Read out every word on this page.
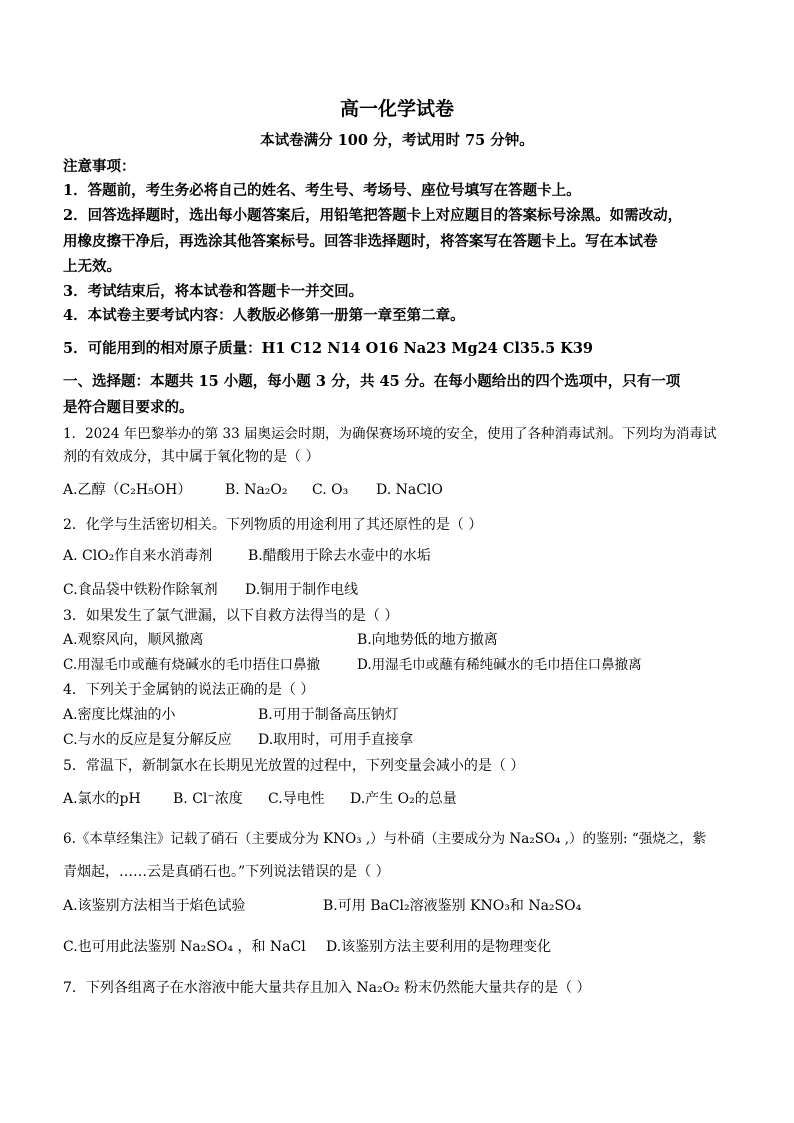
高一化学试卷
本试卷满分 100 分，考试用时 75 分钟。
注意事项：
1．答题前，考生务必将自己的姓名、考生号、考场号、座位号填写在答题卡上。
2．回答选择题时，选出每小题答案后，用铅笔把答题卡上对应题目的答案标号涂黑。如需改动，
用橡皮擦干净后，再选涂其他答案标号。回答非选择题时，将答案写在答题卡上。写在本试卷
上无效。
3．考试结束后，将本试卷和答题卡一并交回。
4．本试卷主要考试内容：人教版必修第一册第一章至第二章。
5．可能用到的相对原子质量：H1 C12 N14 O16 Na23 Mg24 Cl35.5 K39
一、选择题：本题共 15 小题，每小题 3 分，共 45 分。在每小题给出的四个选项中，只有一项
是符合题目要求的。
1．2024 年巴黎举办的第 33 届奥运会时期，为确保赛场环境的安全，使用了各种消毒试剂。下列均为消毒试
剂的有效成分，其中属于氧化物的是（ ）
A.乙醇（C₂H₅OH） B. Na₂O₂ C. O₃ D. NaClO
2．化学与生活密切相关。下列物质的用途利用了其还原性的是（ ）
A. ClO₂作自来水消毒剂	B.醋酸用于除去水壶中的水垢
C.食品袋中铁粉作除氧剂 D.铜用于制作电线
3．如果发生了氯气泄漏，以下自救方法得当的是（ ）
A.观察风向，顺风撤离	B.向地势低的地方撤离
C.用湿毛巾或蘸有烧碱水的毛巾捂住口鼻撤	D.用湿毛巾或蘸有稀纯碱水的毛巾捂住口鼻撤离
4．下列关于金属钠的说法正确的是（ ）
A.密度比煤油的小	B.可用于制备高压钠灯
C.与水的反应是复分解反应 D.取用时，可用手直接拿
5．常温下，新制氯水在长期见光放置的过程中，下列变量会减小的是（ ）
A.氯水的pH B. Cl⁻浓度 C.导电性 D.产生 O₂的总量
6.《本草经集注》记载了硝石（主要成分为 KNO₃ ,）与朴硝（主要成分为 Na₂SO₄ ,）的鉴别: “强烧之，紫
青烟起，……云是真硝石也。”下列说法错误的是（ ）
A.该鉴别方法相当于焰色试验	B.可用 BaCl₂溶液鉴别 KNO₃和 Na₂SO₄
C.也可用此法鉴别 Na₂SO₄ ，和 NaCl D.该鉴别方法主要利用的是物理变化
7．下列各组离子在水溶液中能大量共存且加入 Na₂O₂ 粉末仍然能大量共存的是（ ）
